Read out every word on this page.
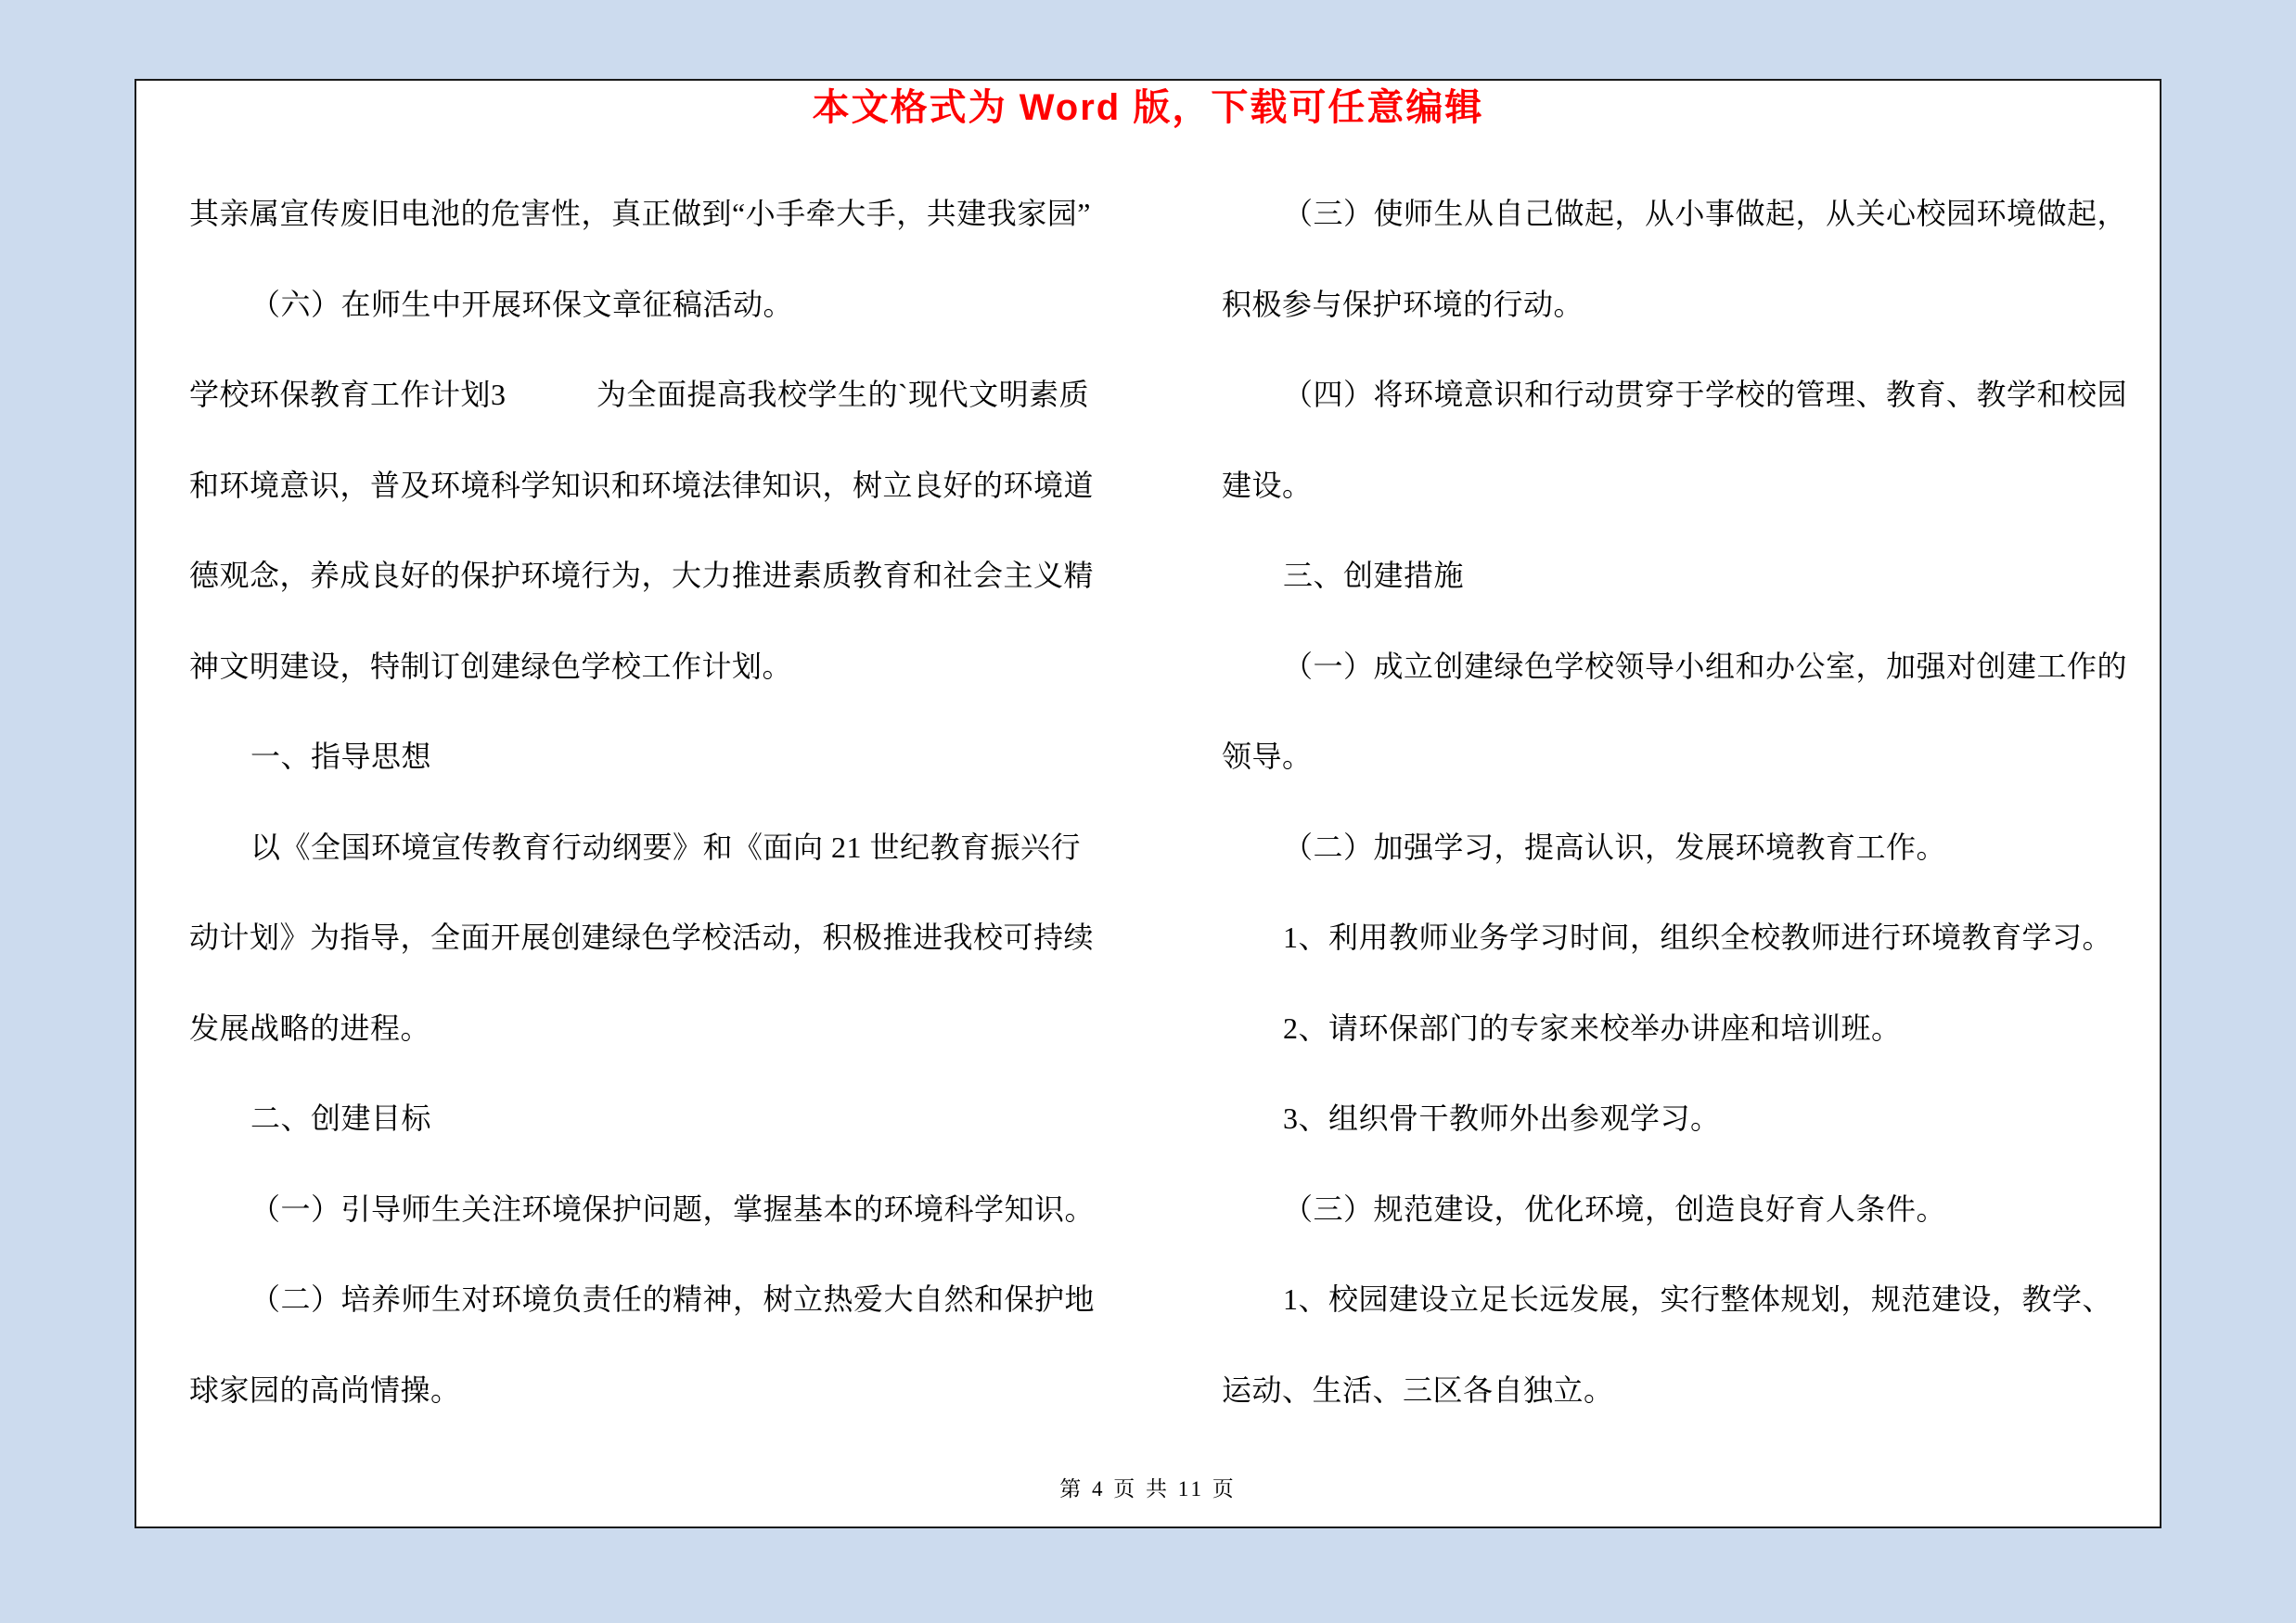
本文格式为 Word 版，下载可任意编辑
其亲属宣传废旧电池的危害性，真正做到“小手牵大手，共建我家园”
（六）在师生中开展环保文章征稿活动。
学校环保教育工作计划3　　　为全面提高我校学生的`现代文明素质
和环境意识，普及环境科学知识和环境法律知识，树立良好的环境道
德观念，养成良好的保护环境行为，大力推进素质教育和社会主义精
神文明建设，特制订创建绿色学校工作计划。
一、指导思想
以《全国环境宣传教育行动纲要》和《面向 21 世纪教育振兴行
动计划》为指导，全面开展创建绿色学校活动，积极推进我校可持续
发展战略的进程。
二、创建目标
（一）引导师生关注环境保护问题，掌握基本的环境科学知识。
（二）培养师生对环境负责任的精神，树立热爱大自然和保护地
球家园的高尚情操。
（三）使师生从自己做起，从小事做起，从关心校园环境做起，
积极参与保护环境的行动。
（四）将环境意识和行动贯穿于学校的管理、教育、教学和校园
建设。
三、创建措施
（一）成立创建绿色学校领导小组和办公室，加强对创建工作的
领导。
（二）加强学习，提高认识，发展环境教育工作。
1、利用教师业务学习时间，组织全校教师进行环境教育学习。
2、请环保部门的专家来校举办讲座和培训班。
3、组织骨干教师外出参观学习。
（三）规范建设，优化环境，创造良好育人条件。
1、校园建设立足长远发展，实行整体规划，规范建设，教学、
运动、生活、三区各自独立。
第 4 页 共 11 页
